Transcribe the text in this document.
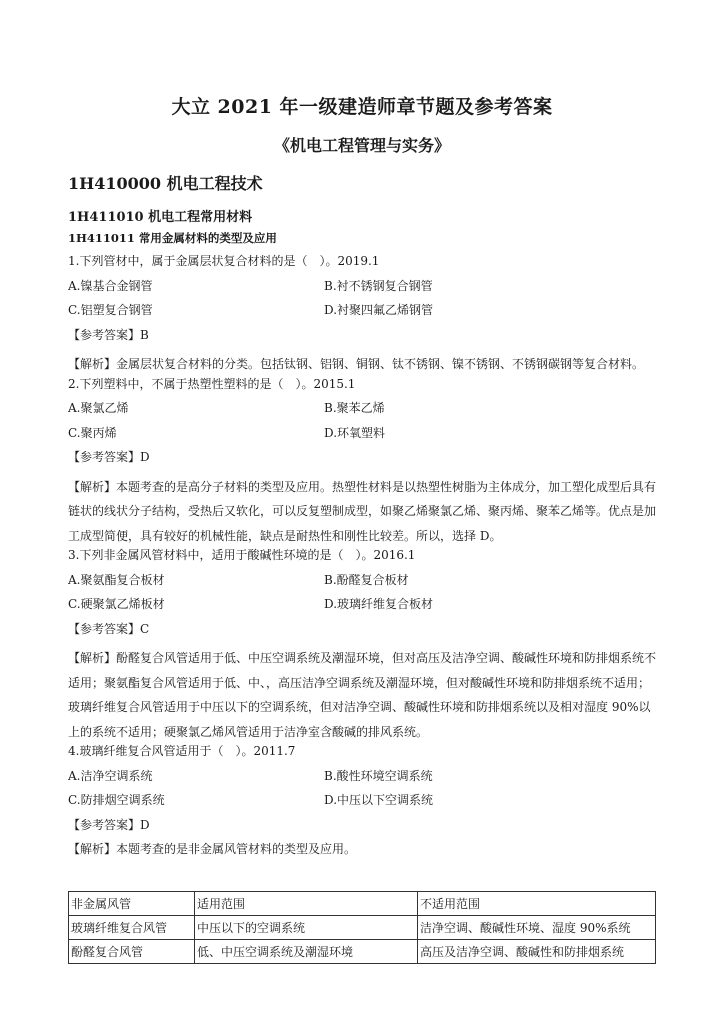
大立 2021 年一级建造师章节题及参考答案
《机电工程管理与实务》
1H410000 机电工程技术
1H411010 机电工程常用材料
1H411011 常用金属材料的类型及应用
1.下列管材中，属于金属层状复合材料的是（　）。2019.1
A.镍基合金钢管	B.衬不锈钢复合钢管
C.铝塑复合钢管	D.衬聚四氟乙烯钢管
【参考答案】B
【解析】金属层状复合材料的分类。包括钛钢、铝钢、铜钢、钛不锈钢、镍不锈钢、不锈钢碳钢等复合材料。
2.下列塑料中，不属于热塑性塑料的是（　）。2015.1
A.聚氯乙烯	B.聚苯乙烯
C.聚丙烯	D.环氧塑料
【参考答案】D
【解析】本题考查的是高分子材料的类型及应用。热塑性材料是以热塑性树脂为主体成分，加工塑化成型后具有链状的线状分子结构，受热后又软化，可以反复塑制成型，如聚乙烯聚氯乙烯、聚丙烯、聚苯乙烯等。优点是加工成型简便，具有较好的机械性能，缺点是耐热性和刚性比较差。所以，选择 D。
3.下列非金属风管材料中，适用于酸碱性环境的是（　）。2016.1
A.聚氨酯复合板材	B.酚醛复合板材
C.硬聚氯乙烯板材	D.玻璃纤维复合板材
【参考答案】C
【解析】酚醛复合风管适用于低、中压空调系统及潮湿环境，但对高压及洁净空调、酸碱性环境和防排烟系统不适用；聚氨酯复合风管适用于低、中、，高压洁净空调系统及潮湿环境，但对酸碱性环境和防排烟系统不适用；玻璃纤维复合风管适用于中压以下的空调系统，但对洁净空调、酸碱性环境和防排烟系统以及相对湿度 90%以上的系统不适用；硬聚氯乙烯风管适用于洁净室含酸碱的排风系统。
4.玻璃纤维复合风管适用于（　）。2011.7
A.洁净空调系统	B.酸性环境空调系统
C.防排烟空调系统	D.中压以下空调系统
【参考答案】D
【解析】本题考查的是非金属风管材料的类型及应用。
非金属风管	适用范围	不适用范围
玻璃纤维复合风管	中压以下的空调系统	洁净空调、酸碱性环境、湿度 90%系统
酚醛复合风管	低、中压空调系统及潮湿环境	高压及洁净空调、酸碱性和防排烟系统
